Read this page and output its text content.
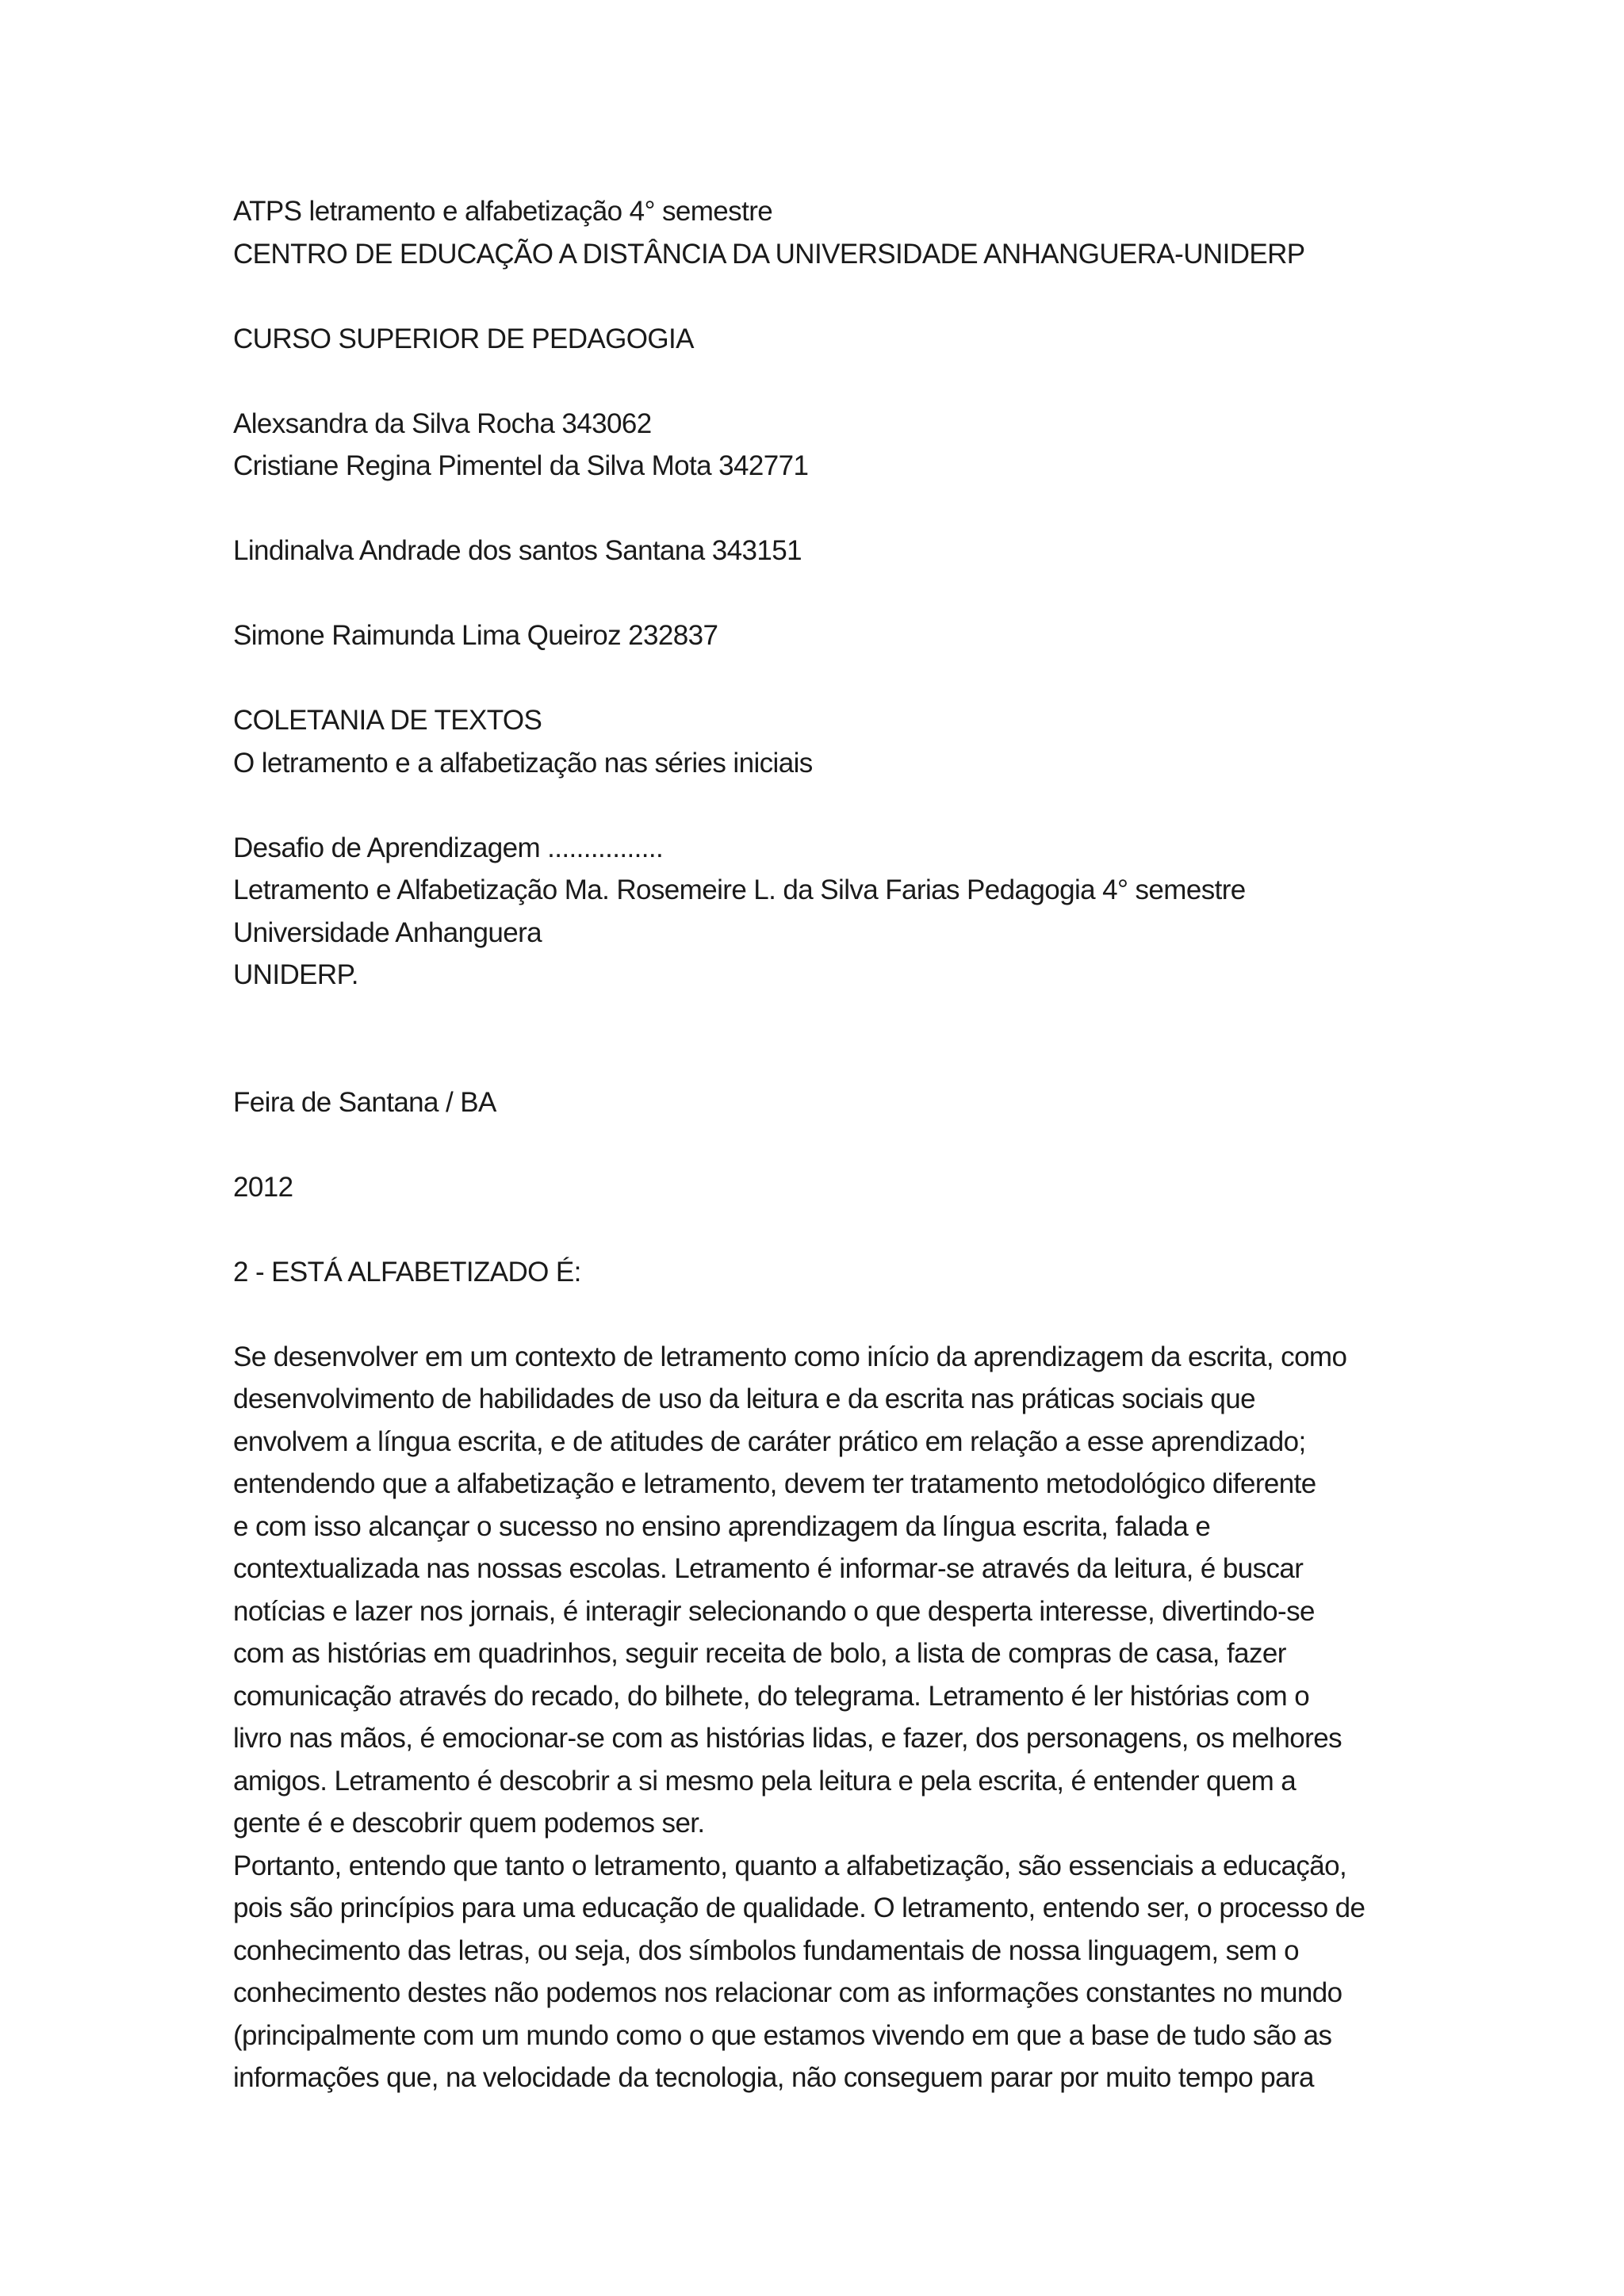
ATPS letramento e alfabetização 4° semestre
CENTRO DE EDUCAÇÃO A DISTÂNCIA DA UNIVERSIDADE ANHANGUERA-UNIDERP
CURSO SUPERIOR DE PEDAGOGIA
Alexsandra da Silva Rocha 343062
Cristiane Regina Pimentel da Silva Mota 342771
Lindinalva Andrade dos santos Santana 343151
Simone Raimunda Lima Queiroz 232837
COLETANIA DE TEXTOS
O letramento e a alfabetização nas séries iniciais
Desafio de Aprendizagem ................
Letramento e Alfabetização Ma. Rosemeire L. da Silva Farias Pedagogia 4° semestre
Universidade Anhanguera
UNIDERP.
Feira de Santana / BA
2012
2 - ESTÁ ALFABETIZADO É:
Se desenvolver em um contexto de letramento como início da aprendizagem da escrita, como
desenvolvimento de habilidades de uso da leitura e da escrita nas práticas sociais que
envolvem a língua escrita, e de atitudes de caráter prático em relação a esse aprendizado;
entendendo que a alfabetização e letramento, devem ter tratamento metodológico diferente
e com isso alcançar o sucesso no ensino aprendizagem da língua escrita, falada e
contextualizada nas nossas escolas. Letramento é informar-se através da leitura, é buscar
notícias e lazer nos jornais, é interagir selecionando o que desperta interesse, divertindo-se
com as histórias em quadrinhos, seguir receita de bolo, a lista de compras de casa, fazer
comunicação através do recado, do bilhete, do telegrama. Letramento é ler histórias com o
livro nas mãos, é emocionar-se com as histórias lidas, e fazer, dos personagens, os melhores
amigos. Letramento é descobrir a si mesmo pela leitura e pela escrita, é entender quem a
gente é e descobrir quem podemos ser.
Portanto, entendo que tanto o letramento, quanto a alfabetização, são essenciais a educação,
pois são princípios para uma educação de qualidade. O letramento, entendo ser, o processo de
conhecimento das letras, ou seja, dos símbolos fundamentais de nossa linguagem, sem o
conhecimento destes não podemos nos relacionar com as informações constantes no mundo
(principalmente com um mundo como o que estamos vivendo em que a base de tudo são as
informações que, na velocidade da tecnologia, não conseguem parar por muito tempo para
